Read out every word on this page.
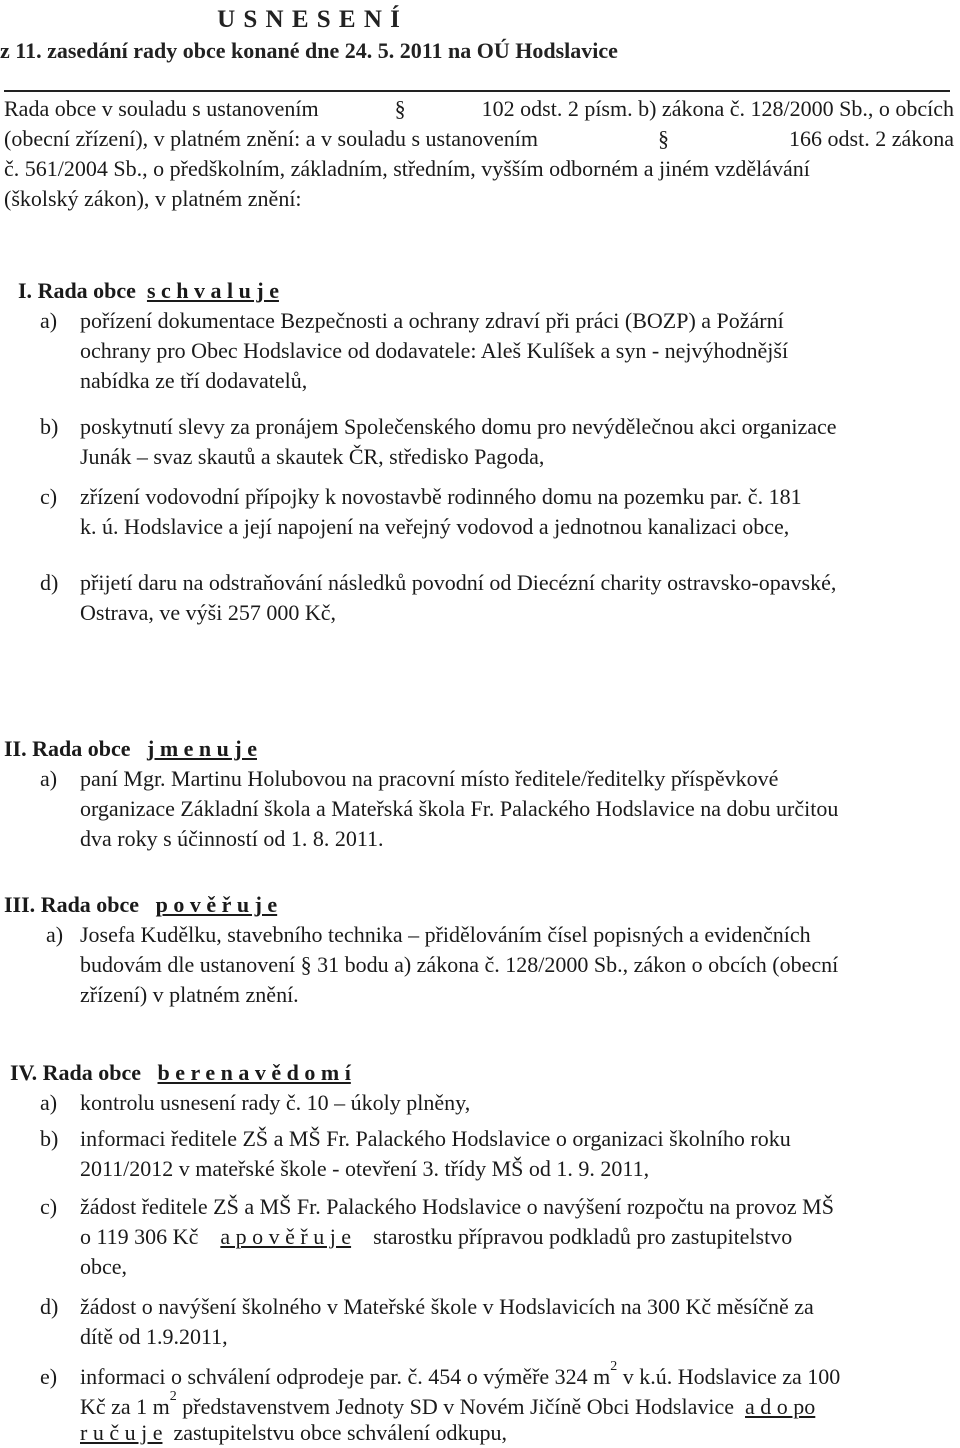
U S N E S E N Í
z 11. zasedání rady obce konané dne 24. 5. 2011 na OÚ Hodslavice
Rada obce v souladu s ustanovením	§	102 odst. 2 písm. b) zákona č. 128/2000 Sb., o obcích
(obecní zřízení), v platném znění: a v souladu s ustanovením	§	166 odst. 2 zákona
č. 561/2004 Sb., o předškolním, základním, středním, vyšším odborném a jiném vzdělávání
(školský zákon), v platném znění:
I. Rada obce s c h v a l u j e
a) pořízení dokumentace Bezpečnosti a ochrany zdraví při práci (BOZP) a Požární
ochrany pro Obec Hodslavice od dodavatele: Aleš Kulíšek a syn - nejvýhodnější
nabídka ze tří dodavatelů,
b) poskytnutí slevy za pronájem Společenského domu pro nevýdělečnou akci organizace
Junák – svaz skautů a skautek ČR, středisko Pagoda,
c) zřízení vodovodní přípojky k novostavbě rodinného domu na pozemku par. č. 181
k. ú. Hodslavice a její napojení na veřejný vodovod a jednotnou kanalizaci obce,
d) přijetí daru na odstraňování následků povodní od Diecézní charity ostravsko-opavské,
Ostrava, ve výši 257 000 Kč,
II. Rada obce j m e n u j e
a) paní Mgr. Martinu Holubovou na pracovní místo ředitele/ředitelky příspěvkové
organizace Základní škola a Mateřská škola Fr. Palackého Hodslavice na dobu určitou
dva roky s účinností od 1. 8. 2011.
III. Rada obce p o v ě ř u j e
a) Josefa Kudělku, stavebního technika – přidělováním čísel popisných a evidenčních
budovám dle ustanovení § 31 bodu a) zákona č. 128/2000 Sb., zákon o obcích (obecní
zřízení) v platném znění.
IV. Rada obce b e r e n a v ě d o m í
a) kontrolu usnesení rady č. 10 – úkoly plněny,
b) informaci ředitele ZŠ a MŠ Fr. Palackého Hodslavice o organizaci školního roku
2011/2012 v mateřské škole - otevření 3. třídy MŠ od 1. 9. 2011,
c) žádost ředitele ZŠ a MŠ Fr. Palackého Hodslavice o navýšení rozpočtu na provoz MŠ
o 119 306 Kč a p o v ě ř u j e starostku přípravou podkladů pro zastupitelstvo
obce,
d) žádost o navýšení školného v Mateřské škole v Hodslavicích na 300 Kč měsíčně za
dítě od 1.9.2011,
e) informaci o schválení odprodeje par. č. 454 o výměře 324 $m^2$ v k.ú. Hodslavice za 100
Kč za 1 $m^2$ představenstvem Jednoty SD v Novém Jičíně Obci Hodslavice a d o po
r u č u j e zastupitelstvu obce schválení odkupu,
